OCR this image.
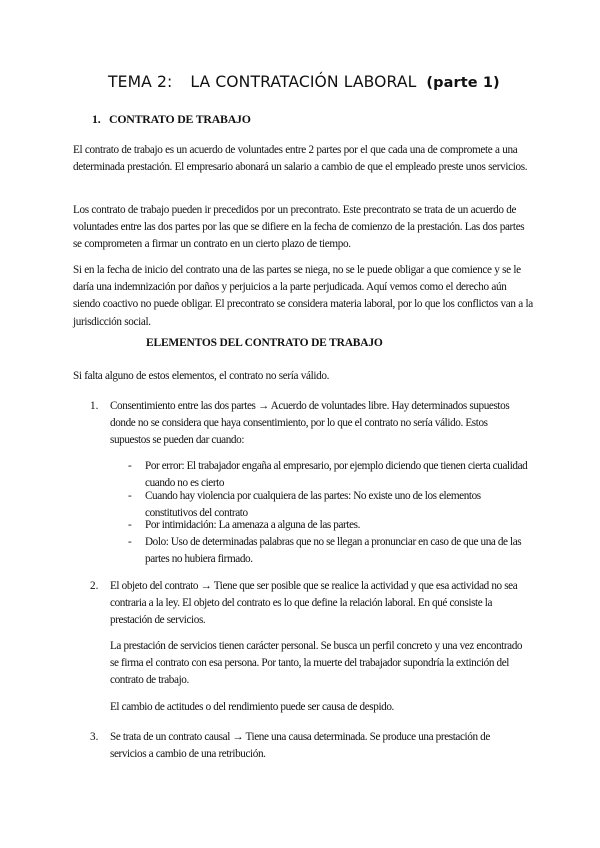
TEMA 2: LA CONTRATACIÓN LABORAL (parte 1)
1. CONTRATO DE TRABAJO
El contrato de trabajo es un acuerdo de voluntades entre 2 partes por el que cada una de compromete a una determinada prestación. El empresario abonará un salario a cambio de que el empleado preste unos servicios.
Los contrato de trabajo pueden ir precedidos por un precontrato. Este precontrato se trata de un acuerdo de voluntades entre las dos partes por las que se difiere en la fecha de comienzo de la prestación. Las dos partes se comprometen a firmar un contrato en un cierto plazo de tiempo.
Si en la fecha de inicio del contrato una de las partes se niega, no se le puede obligar a que comience y se le daría una indemnización por daños y perjuicios a la parte perjudicada. Aquí vemos como el derecho aún siendo coactivo no puede obligar. El precontrato se considera materia laboral, por lo que los conflictos van a la jurisdicción social.
ELEMENTOS DEL CONTRATO DE TRABAJO
Si falta alguno de estos elementos, el contrato no sería válido.
1. Consentimiento entre las dos partes → Acuerdo de voluntades libre. Hay determinados supuestos donde no se considera que haya consentimiento, por lo que el contrato no sería válido. Estos supuestos se pueden dar cuando:
- Por error: El trabajador engaña al empresario, por ejemplo diciendo que tienen cierta cualidad cuando no es cierto
- Cuando hay violencia por cualquiera de las partes: No existe uno de los elementos constitutivos del contrato
- Por intimidación: La amenaza a alguna de las partes.
- Dolo: Uso de determinadas palabras que no se llegan a pronunciar en caso de que una de las partes no hubiera firmado.
2. El objeto del contrato → Tiene que ser posible que se realice la actividad y que esa actividad no sea contraria a la ley. El objeto del contrato es lo que define la relación laboral. En qué consiste la prestación de servicios.
La prestación de servicios tienen carácter personal. Se busca un perfil concreto y una vez encontrado se firma el contrato con esa persona. Por tanto, la muerte del trabajador supondría la extinción del contrato de trabajo.
El cambio de actitudes o del rendimiento puede ser causa de despido.
3. Se trata de un contrato causal → Tiene una causa determinada. Se produce una prestación de servicios a cambio de una retribución.
